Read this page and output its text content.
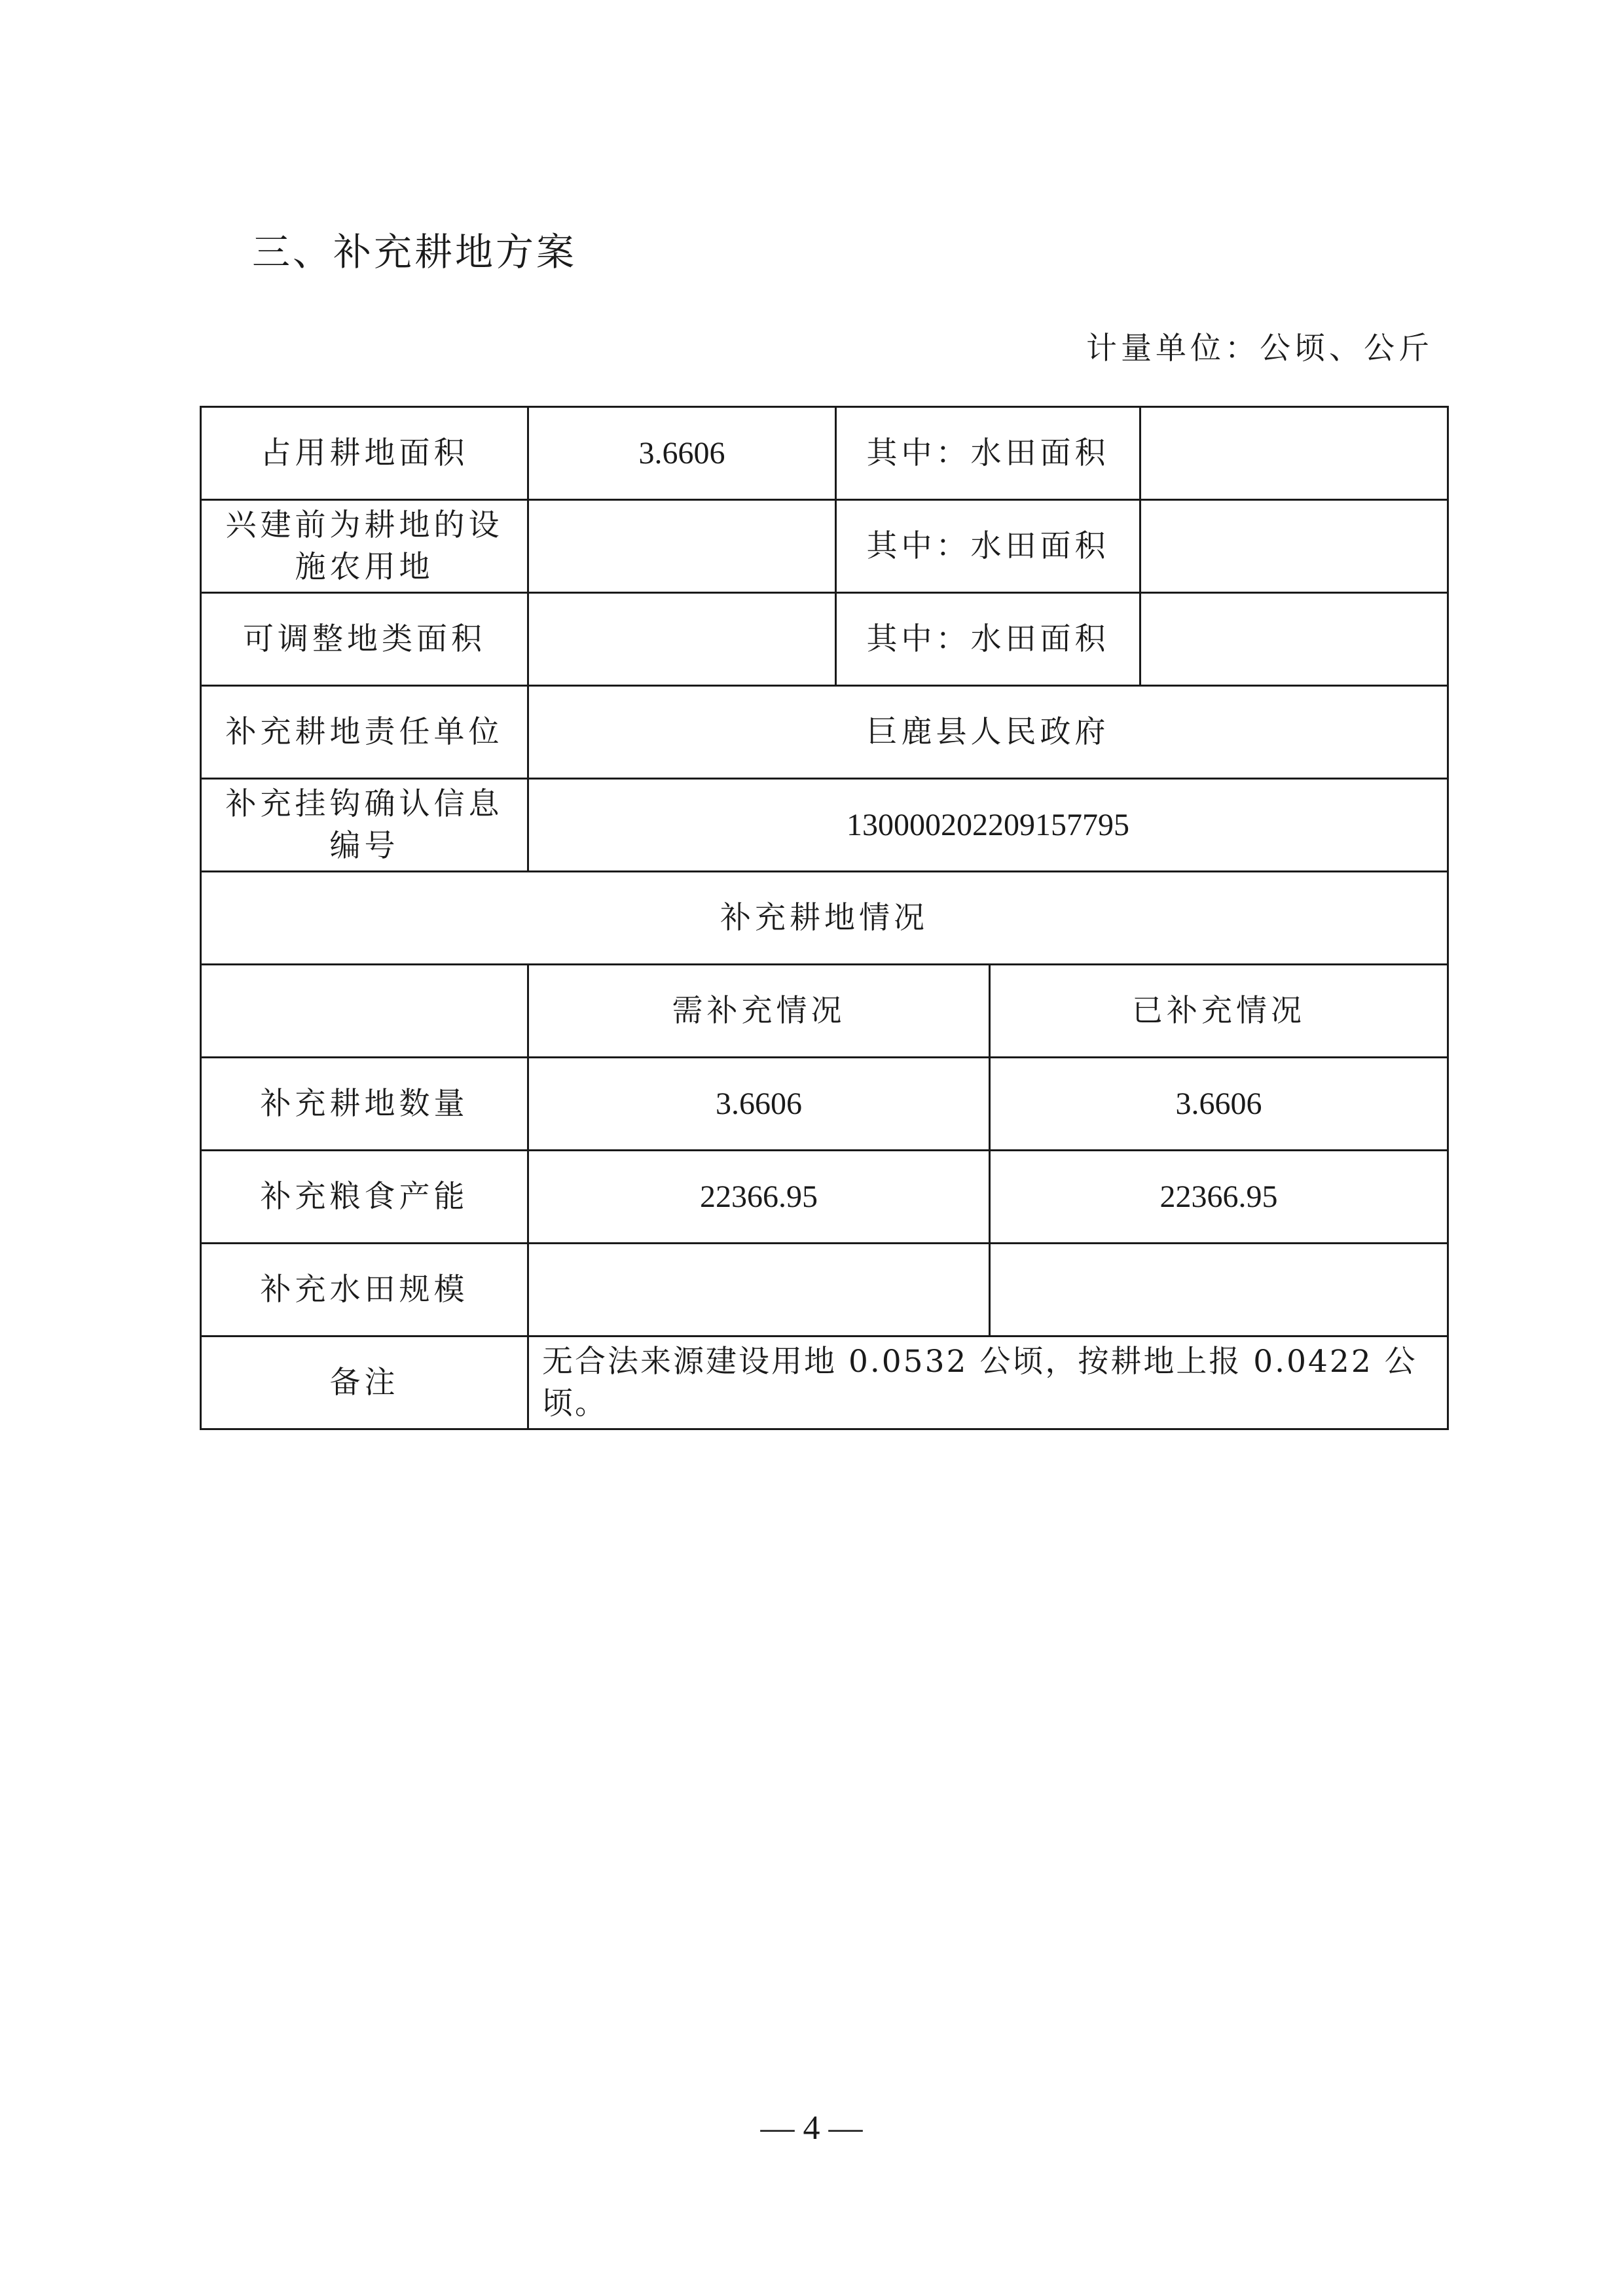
三、补充耕地方案
计量单位：公顷、公斤
占用耕地面积	3.6606	其中：水田面积		
兴建前为耕地的设施农用地		其中：水田面积		
可调整地类面积		其中：水田面积		
补充耕地责任单位	巨鹿县人民政府			
补充挂钩确认信息编号	130000202209157795			
补充耕地情况				
	需补充情况		已补充情况	
补充耕地数量	3.6606		3.6606	
补充粮食产能	22366.95		22366.95	
补充水田规模				
备注	无合法来源建设用地 0.0532 公顷，按耕地上报 0.0422 公顷。			
— 4 —
